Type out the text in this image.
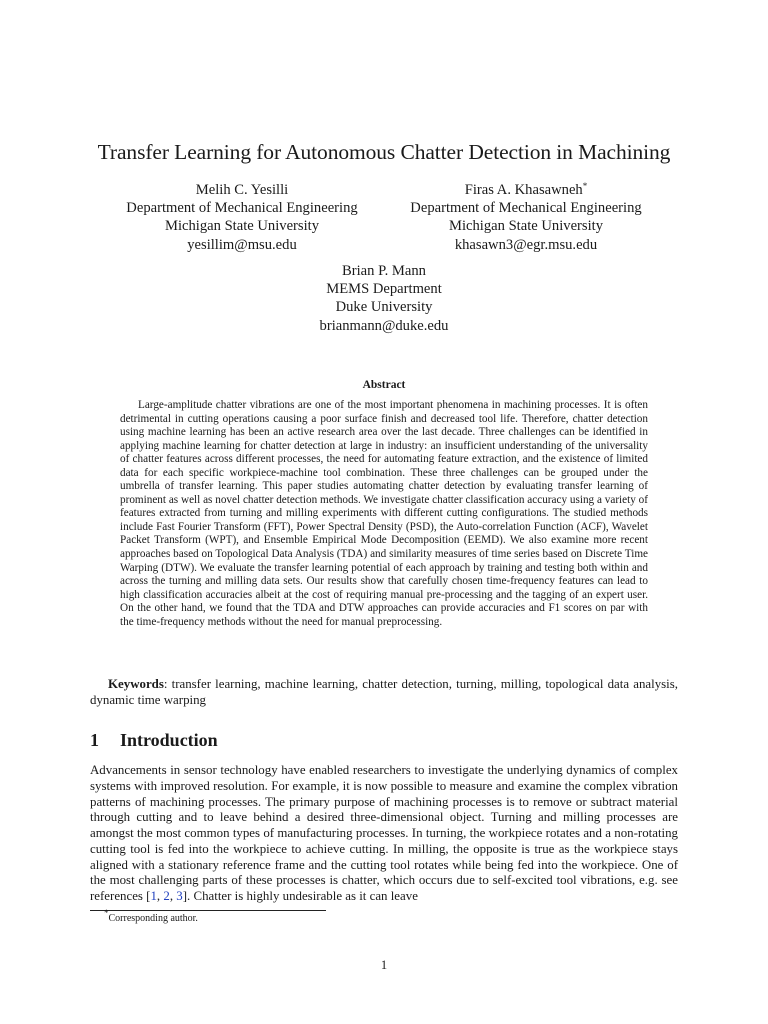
Transfer Learning for Autonomous Chatter Detection in Machining
Melih C. Yesilli
Department of Mechanical Engineering
Michigan State University
yesillim@msu.edu
Firas A. Khasawneh*
Department of Mechanical Engineering
Michigan State University
khasawn3@egr.msu.edu
Brian P. Mann
MEMS Department
Duke University
brianmann@duke.edu
Abstract
Large-amplitude chatter vibrations are one of the most important phenomena in machining processes. It is often detrimental in cutting operations causing a poor surface finish and decreased tool life. Therefore, chatter detection using machine learning has been an active research area over the last decade. Three challenges can be identified in applying machine learning for chatter detection at large in industry: an insufficient understanding of the universality of chatter features across different processes, the need for automating feature extraction, and the existence of limited data for each specific workpiece-machine tool combination. These three challenges can be grouped under the umbrella of transfer learning. This paper studies automating chatter detection by evaluating transfer learning of prominent as well as novel chatter detection methods. We investigate chatter classification accuracy using a variety of features extracted from turning and milling experiments with different cutting configurations. The studied methods include Fast Fourier Transform (FFT), Power Spectral Density (PSD), the Auto-correlation Function (ACF), Wavelet Packet Transform (WPT), and Ensemble Empirical Mode Decomposition (EEMD). We also examine more recent approaches based on Topological Data Analysis (TDA) and similarity measures of time series based on Discrete Time Warping (DTW). We evaluate the transfer learning potential of each approach by training and testing both within and across the turning and milling data sets. Our results show that carefully chosen time-frequency features can lead to high classification accuracies albeit at the cost of requiring manual pre-processing and the tagging of an expert user. On the other hand, we found that the TDA and DTW approaches can provide accuracies and F1 scores on par with the time-frequency methods without the need for manual preprocessing.
Keywords: transfer learning, machine learning, chatter detection, turning, milling, topological data analysis, dynamic time warping
1 Introduction
Advancements in sensor technology have enabled researchers to investigate the underlying dynamics of complex systems with improved resolution. For example, it is now possible to measure and examine the complex vibration patterns of machining processes. The primary purpose of machining processes is to remove or subtract material through cutting and to leave behind a desired three-dimensional object. Turning and milling processes are amongst the most common types of manufacturing processes. In turning, the workpiece rotates and a non-rotating cutting tool is fed into the workpiece to achieve cutting. In milling, the opposite is true as the workpiece stays aligned with a stationary reference frame and the cutting tool rotates while being fed into the workpiece. One of the most challenging parts of these processes is chatter, which occurs due to self-excited tool vibrations, e.g. see references [1, 2, 3]. Chatter is highly undesirable as it can leave
*Corresponding author.
1
